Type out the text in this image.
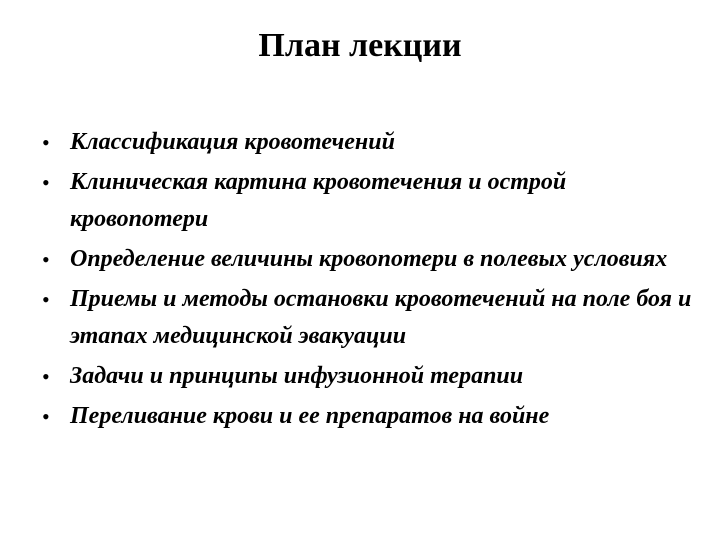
План лекции
• Классификация кровотечений
• Клиническая картина кровотечения и острой кровопотери
• Определение величины кровопотери в полевых условиях
• Приемы и методы остановки кровотечений на поле боя и этапах медицинской эвакуации
• Задачи и принципы инфузионной терапии
• Переливание крови и ее препаратов на войне
